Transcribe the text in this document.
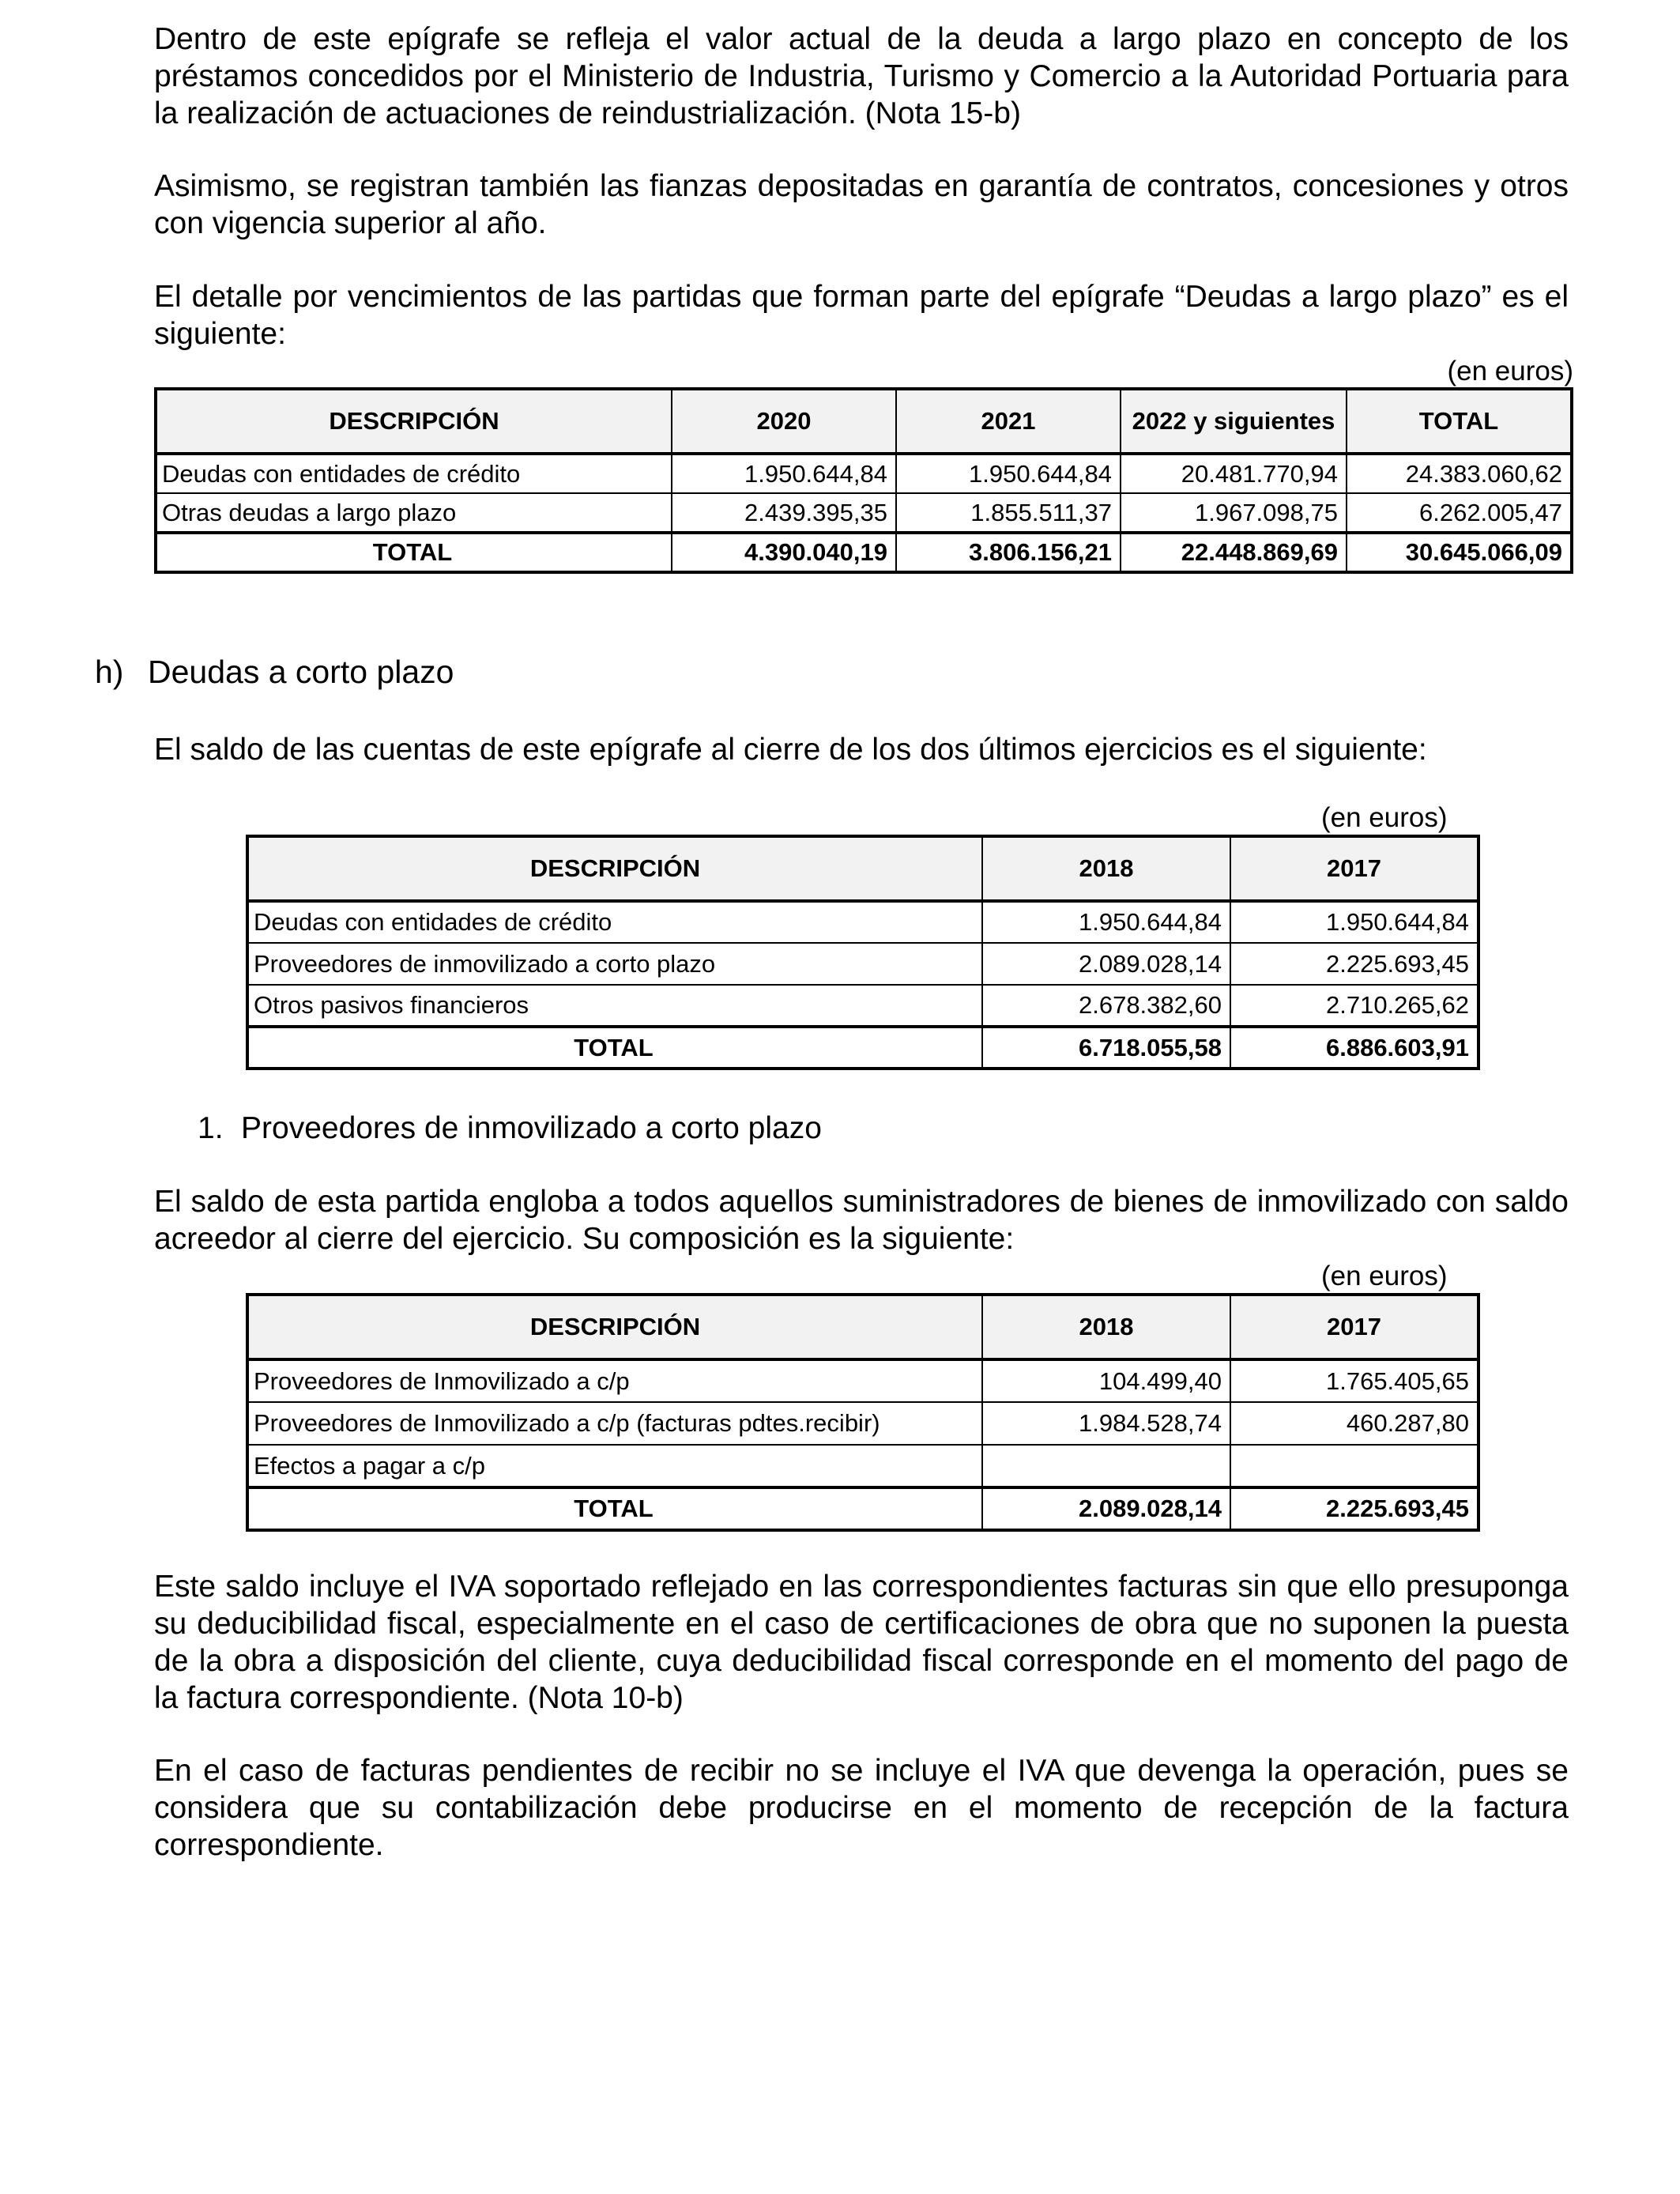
Dentro de este epígrafe se refleja el valor actual de la deuda a largo plazo en concepto de los préstamos concedidos por el Ministerio de Industria, Turismo y Comercio a la Autoridad Portuaria para la realización de actuaciones de reindustrialización. (Nota 15-b)

Asimismo, se registran también las fianzas depositadas en garantía de contratos, concesiones y otros con vigencia superior al año.

El detalle por vencimientos de las partidas que forman parte del epígrafe “Deudas a largo plazo” es el siguiente:

(en euros)

DESCRIPCIÓN	2020	2021	2022 y siguientes	TOTAL
Deudas con entidades de crédito	1.950.644,84	1.950.644,84	20.481.770,94	24.383.060,62
Otras deudas a largo plazo	2.439.395,35	1.855.511,37	1.967.098,75	6.262.005,47
TOTAL	4.390.040,19	3.806.156,21	22.448.869,69	30.645.066,09

h) Deudas a corto plazo

El saldo de las cuentas de este epígrafe al cierre de los dos últimos ejercicios es el siguiente:

(en euros)

DESCRIPCIÓN	2018	2017
Deudas con entidades de crédito	1.950.644,84	1.950.644,84
Proveedores de inmovilizado a corto plazo	2.089.028,14	2.225.693,45
Otros pasivos financieros	2.678.382,60	2.710.265,62
TOTAL	6.718.055,58	6.886.603,91

1. Proveedores de inmovilizado a corto plazo

El saldo de esta partida engloba a todos aquellos suministradores de bienes de inmovilizado con saldo acreedor al cierre del ejercicio. Su composición es la siguiente:

(en euros)

DESCRIPCIÓN	2018	2017
Proveedores de Inmovilizado a c/p	104.499,40	1.765.405,65
Proveedores de Inmovilizado a c/p (facturas pdtes.recibir)	1.984.528,74	460.287,80
Efectos a pagar a c/p		
TOTAL	2.089.028,14	2.225.693,45

Este saldo incluye el IVA soportado reflejado en las correspondientes facturas sin que ello presuponga su deducibilidad fiscal, especialmente en el caso de certificaciones de obra que no suponen la puesta de la obra a disposición del cliente, cuya deducibilidad fiscal corresponde en el momento del pago de la factura correspondiente. (Nota 10-b)

En el caso de facturas pendientes de recibir no se incluye el IVA que devenga la operación, pues se considera que su contabilización debe producirse en el momento de recepción de la factura correspondiente.
